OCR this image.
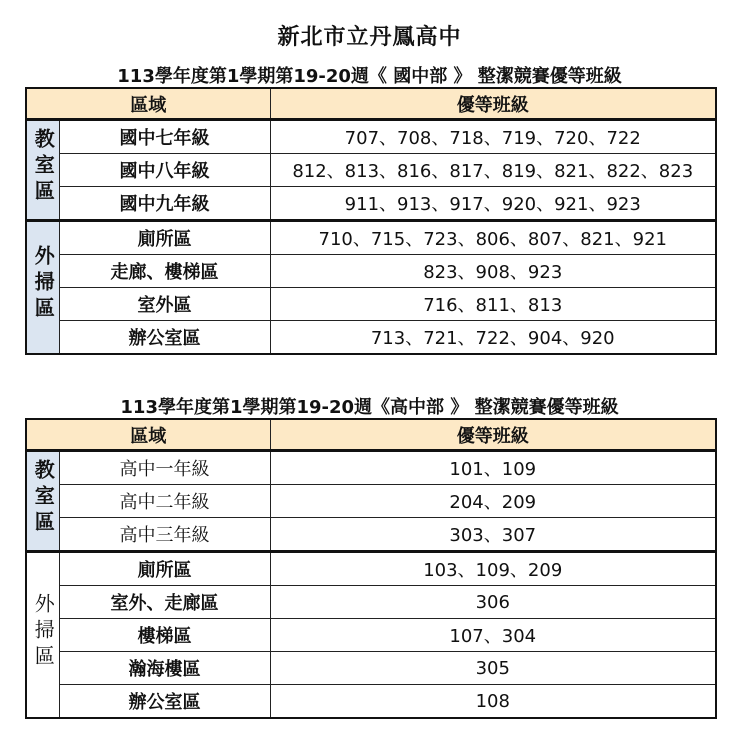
新北市立丹鳳高中
113學年度第1學期第19-20週《 國中部 》 整潔競賽優等班級
區域		優等班級
教室區	國中七年級	707、708、718、719、720、722
	國中八年級	812、813、816、817、819、821、822、823
	國中九年級	911、913、917、920、921、923
外掃區	廁所區	710、715、723、806、807、821、921
	走廊、樓梯區	823、908、923
	室外區	716、811、813
	辦公室區	713、721、722、904、920
113學年度第1學期第19-20週《高中部 》 整潔競賽優等班級
區域		優等班級
教室區	高中一年級	101、109
	高中二年級	204、209
	高中三年級	303、307
外掃區	廁所區	103、109、209
	室外、走廊區	306
	樓梯區	107、304
	瀚海樓區	305
	辦公室區	108
